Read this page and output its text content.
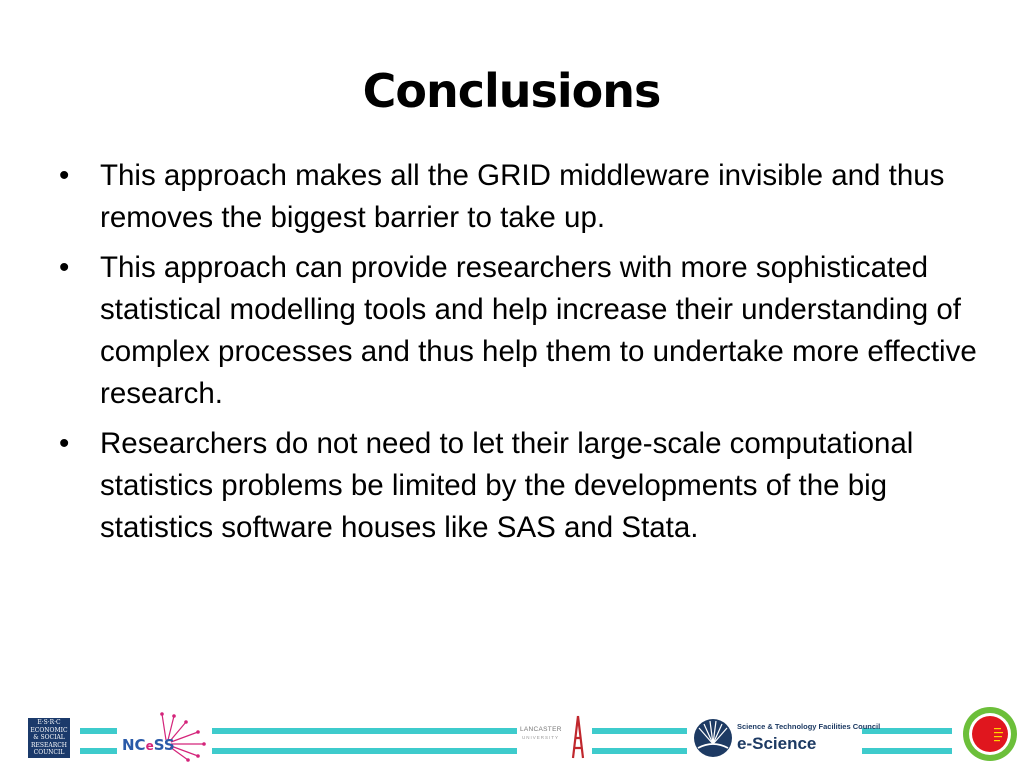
Conclusions
• This approach makes all the GRID middleware invisible and thus removes the biggest barrier to take up.
• This approach can provide researchers with more sophisticated statistical modelling tools and help increase their understanding of complex processes and thus help them to undertake more effective research.
• Researchers do not need to let their large-scale computational statistics problems be limited by the developments of the big statistics software houses like SAS and Stata.
E·S·R·C
ECONOMIC
& SOCIAL
RESEARCH
COUNCIL	NCeSS
LANCASTER
UNIVERSITY
Science & Technology Facilities Council
e-Science
